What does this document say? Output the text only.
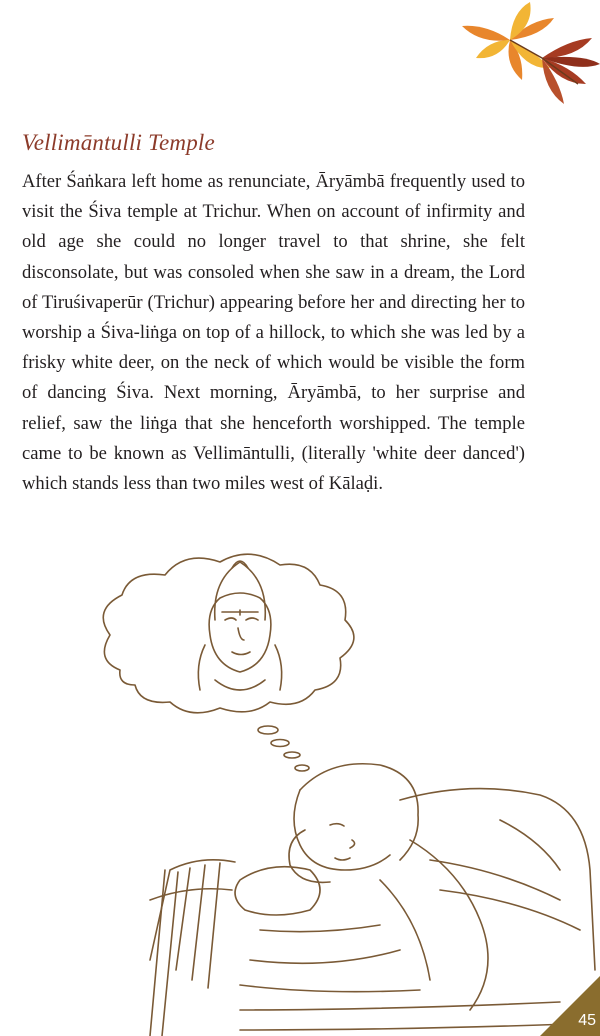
Vellimāntulli Temple

After Śaṅkara left home as renunciate, Āryāmbā frequently used to visit the Śiva temple at Trichur. When on account of infirmity and old age she could no longer travel to that shrine, she felt disconsolate, but was consoled when she saw in a dream, the Lord of Tiruśivaperūr (Trichur) appearing before her and directing her to worship a Śiva-liṅga on top of a hillock, to which she was led by a frisky white deer, on the neck of which would be visible the form of dancing Śiva. Next morning, Āryāmbā, to her surprise and relief, saw the liṅga that she henceforth worshipped. The temple came to be known as Vellimāntulli, (literally 'white deer danced') which stands less than two miles west of Kālaḍi.

45
